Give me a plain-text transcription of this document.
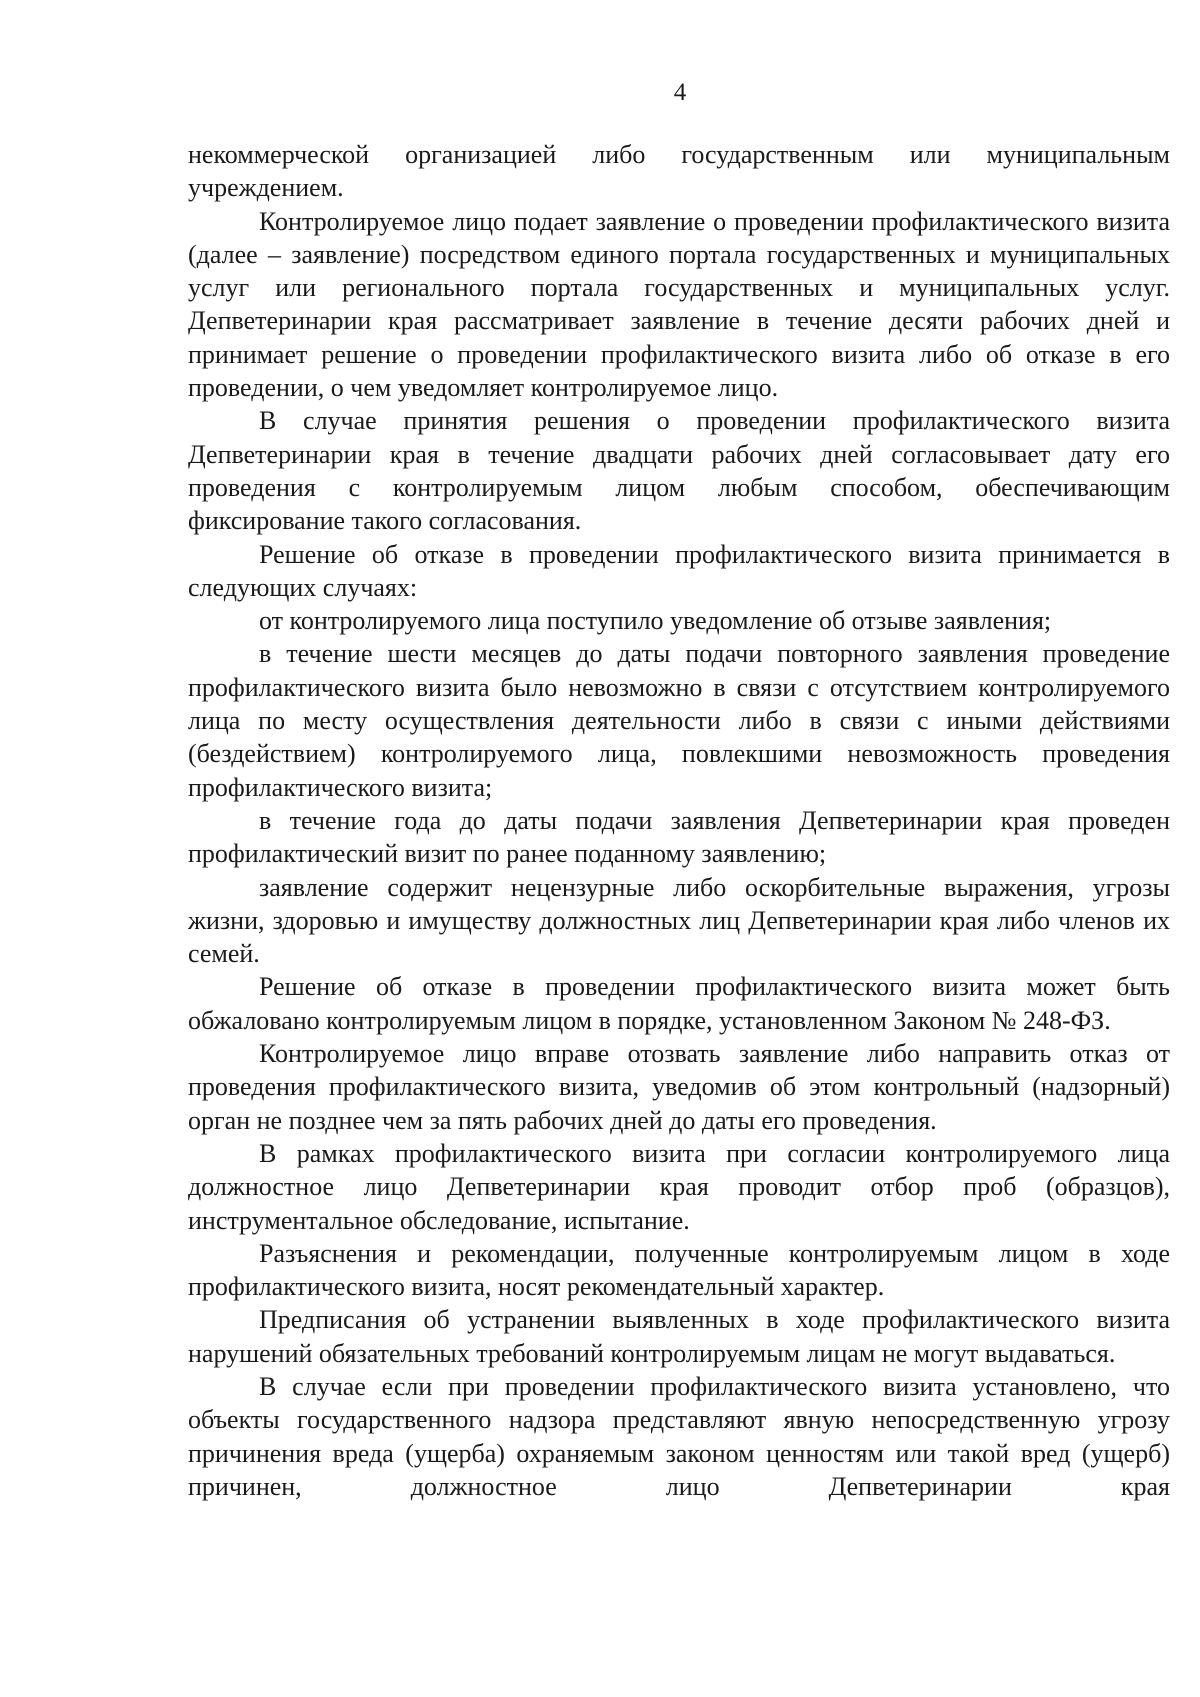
4

некоммерческой организацией либо государственным или муниципальным учреждением.

Контролируемое лицо подает заявление о проведении профилактического визита (далее – заявление) посредством единого портала государственных и муниципальных услуг или регионального портала государственных и муниципальных услуг. Депветеринарии края рассматривает заявление в течение десяти рабочих дней и принимает решение о проведении профилактического визита либо об отказе в его проведении, о чем уведомляет контролируемое лицо.

В случае принятия решения о проведении профилактического визита Депветеринарии края в течение двадцати рабочих дней согласовывает дату его проведения с контролируемым лицом любым способом, обеспечивающим фиксирование такого согласования.

Решение об отказе в проведении профилактического визита принимается в следующих случаях:

от контролируемого лица поступило уведомление об отзыве заявления;

в течение шести месяцев до даты подачи повторного заявления проведение профилактического визита было невозможно в связи с отсутствием контролируемого лица по месту осуществления деятельности либо в связи с иными действиями (бездействием) контролируемого лица, повлекшими невозможность проведения профилактического визита;

в течение года до даты подачи заявления Депветеринарии края проведен профилактический визит по ранее поданному заявлению;

заявление содержит нецензурные либо оскорбительные выражения, угрозы жизни, здоровью и имуществу должностных лиц Депветеринарии края либо членов их семей.

Решение об отказе в проведении профилактического визита может быть обжаловано контролируемым лицом в порядке, установленном Законом № 248-ФЗ.

Контролируемое лицо вправе отозвать заявление либо направить отказ от проведения профилактического визита, уведомив об этом контрольный (надзорный) орган не позднее чем за пять рабочих дней до даты его проведения.

В рамках профилактического визита при согласии контролируемого лица должностное лицо Депветеринарии края проводит отбор проб (образцов), инструментальное обследование, испытание.

Разъяснения и рекомендации, полученные контролируемым лицом в ходе профилактического визита, носят рекомендательный характер.

Предписания об устранении выявленных в ходе профилактического визита нарушений обязательных требований контролируемым лицам не могут выдаваться.

В случае если при проведении профилактического визита установлено, что объекты государственного надзора представляют явную непосредственную угрозу причинения вреда (ущерба) охраняемым законом ценностям или такой вред (ущерб) причинен, должностное лицо Депветеринарии края
